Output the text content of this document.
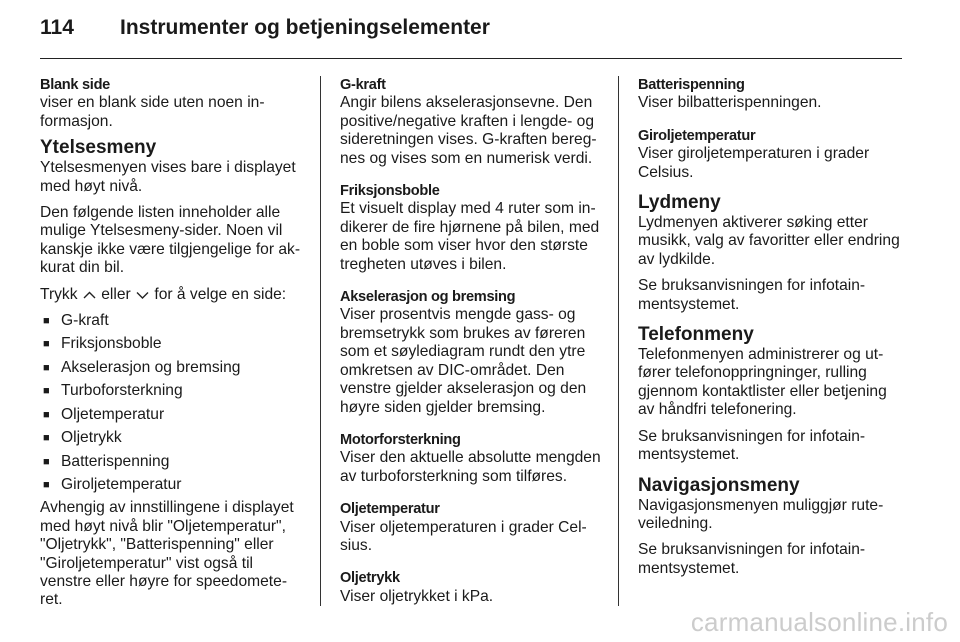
114	Instrumenter og betjeningselementer
Blank side
viser en blank side uten noen in-formasjon.
Ytelsesmeny
Ytelsesmenyen vises bare i displayet med høyt nivå.
Den følgende listen inneholder alle mulige Ytelsesmeny-sider. Noen vil kanskje ikke være tilgjengelige for ak-kurat din bil.
Trykk eller for å velge en side:
■ G-kraft
■ Friksjonsboble
■ Akselerasjon og bremsing
■ Turboforsterkning
■ Oljetemperatur
■ Oljetrykk
■ Batterispenning
■ Giroljetemperatur
Avhengig av innstillingene i displayet med høyt nivå blir "Oljetemperatur", "Oljetrykk", "Batterispenning" eller "Giroljetemperatur" vist også til venstre eller høyre for speedomete-ret.
G-kraft
Angir bilens akselerasjonsevne. Den positive/negative kraften i lengde- og sideretningen vises. G-kraften bereg-nes og vises som en numerisk verdi.
Friksjonsboble
Et visuelt display med 4 ruter som in-dikerer de fire hjørnene på bilen, med en boble som viser hvor den største tregheten utøves i bilen.
Akselerasjon og bremsing
Viser prosentvis mengde gass- og bremsetrykk som brukes av føreren som et søylediagram rundt den ytre omkretsen av DIC-området. Den venstre gjelder akselerasjon og den høyre siden gjelder bremsing.
Motorforsterkning
Viser den aktuelle absolutte mengden av turboforsterkning som tilføres.
Oljetemperatur
Viser oljetemperaturen i grader Cel-sius.
Oljetrykk
Viser oljetrykket i kPa.
Batterispenning
Viser bilbatterispenningen.
Giroljetemperatur
Viser giroljetemperaturen i grader Celsius.
Lydmeny
Lydmenyen aktiverer søking etter musikk, valg av favoritter eller endring av lydkilde.
Se bruksanvisningen for infotain-mentsystemet.
Telefonmeny
Telefonmenyen administrerer og ut-fører telefonoppringninger, rulling gjennom kontaktlister eller betjening av håndfri telefonering.
Se bruksanvisningen for infotain-mentsystemet.
Navigasjonsmeny
Navigasjonsmenyen muliggjør rute-veiledning.
Se bruksanvisningen for infotain-mentsystemet.
carmanualsonline.info
